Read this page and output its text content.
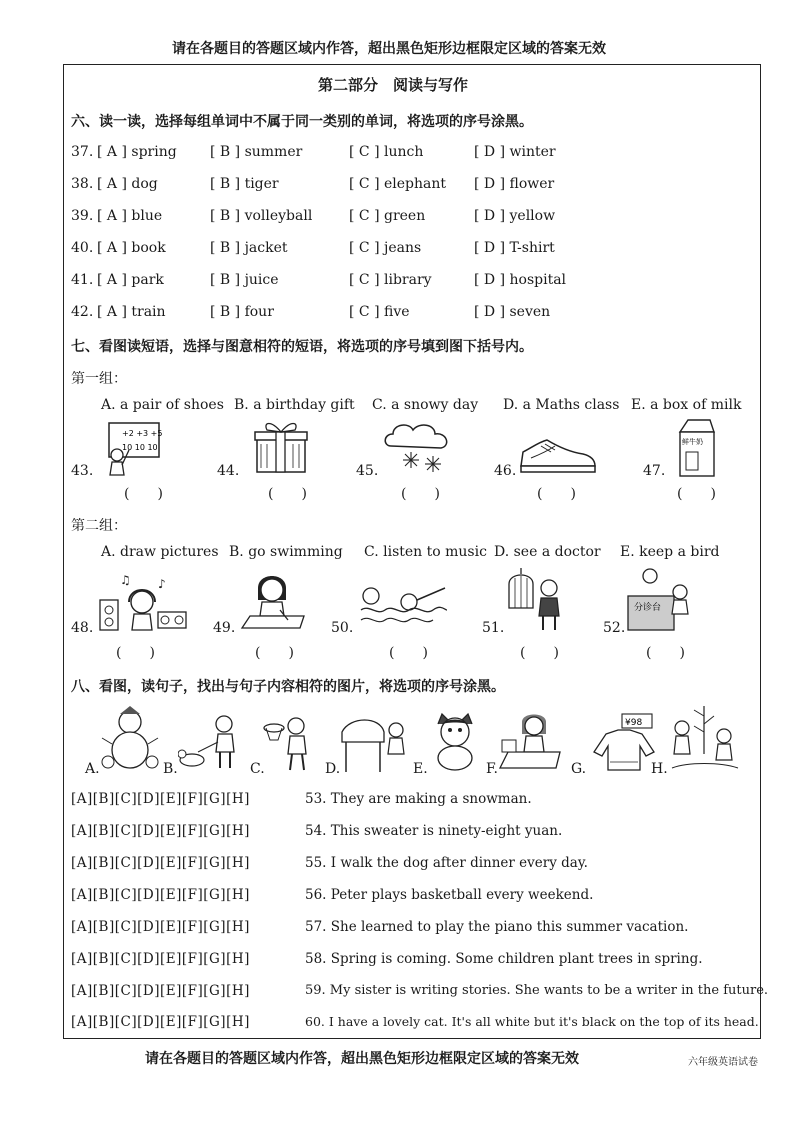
请在各题目的答题区域内作答，超出黑色矩形边框限定区域的答案无效
第二部分　阅读与写作
六、读一读，选择每组单词中不属于同一类别的单词，将选项的序号涂黑。
37. [ A ] spring [ B ] summer	[ C ] lunch	[ D ] winter
38. [ A ] dog	[ B ] tiger	[ C ] elephant [ D ] flower
39. [ A ] blue	[ B ] volleyball	[ C ] green	[ D ] yellow
40. [ A ] book	[ B ] jacket	[ C ] jeans	[ D ] T-shirt
41. [ A ] park	[ B ] juice	[ C ] library	[ D ] hospital
42. [ A ] train	[ B ] four	[ C ] five	[ D ] seven
七、看图读短语，选择与图意相符的短语，将选项的序号填到图下括号内。
第一组：
A. a pair of shoes B. a birthday gift C. a snowy day D. a Maths class E. a box of milk
+2 +3 +5
10 10 10
鲜牛奶
43.	44.	45.	46.	47.
(　　)	(　　)	(　　)	(　　)	(　　)
第二组：
A. draw pictures B. go swimming C. listen to music D. see a doctor E. keep a bird
♫ ♪
分诊台
48.	49.	50.	51.	52.
(　　)	(　　)	(　　)	(　　)	(　　)
八、看图，读句子，找出与句子内容相符的图片，将选项的序号涂黑。
¥98
A.	B.	C.	D.	E.	F.	G.	H.
[A][B][C][D][E][F][G][H]	53. They are making a snowman.
[A][B][C][D][E][F][G][H]	54. This sweater is ninety-eight yuan.
[A][B][C][D][E][F][G][H]	55. I walk the dog after dinner every day.
[A][B][C][D][E][F][G][H]	56. Peter plays basketball every weekend.
[A][B][C][D][E][F][G][H]	57. She learned to play the piano this summer vacation.
[A][B][C][D][E][F][G][H]	58. Spring is coming. Some children plant trees in spring.
[A][B][C][D][E][F][G][H]	59. My sister is writing stories. She wants to be a writer in the future.
[A][B][C][D][E][F][G][H]	60. I have a lovely cat. It's all white but it's black on the top of its head.
请在各题目的答题区域内作答，超出黑色矩形边框限定区域的答案无效	六年级英语试卷
